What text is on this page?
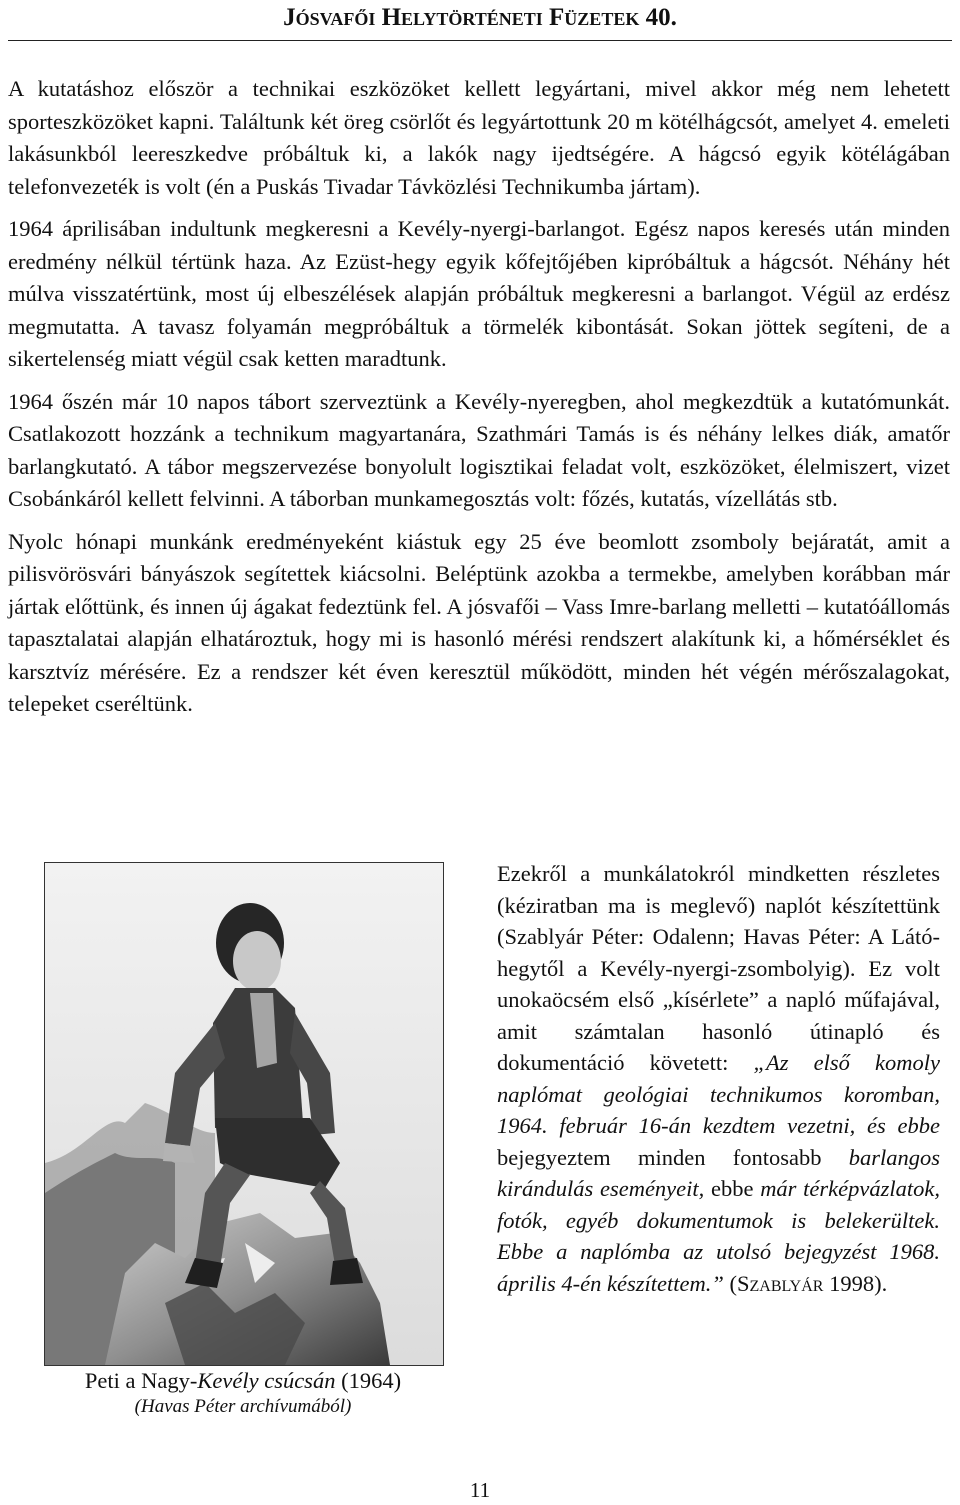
Jósvafői Helytörténeti Füzetek 40.

A kutatáshoz először a technikai eszközöket kellett legyártani, mivel akkor még nem lehetett sporteszközöket kapni. Találtunk két öreg csörlőt és legyártottunk 20 m kötélhágcsót, amelyet 4. emeleti lakásunkból leereszkedve próbáltuk ki, a lakók nagy ijedtségére. A hágcsó egyik kötélágában telefonvezeték is volt (én a Puskás Tivadar Távközlési Technikumba jártam).

1964 áprilisában indultunk megkeresni a Kevély-nyergi-barlangot. Egész napos keresés után minden eredmény nélkül tértünk haza. Az Ezüst-hegy egyik kőfejtőjében kipróbáltuk a hágcsót. Néhány hét múlva visszatértünk, most új elbeszélések alapján próbáltuk megkeresni a barlangot. Végül az erdész megmutatta. A tavasz folyamán megpróbáltuk a törmelék kibontását. Sokan jöttek segíteni, de a sikertelenség miatt végül csak ketten maradtunk.

1964 őszén már 10 napos tábort szerveztünk a Kevély-nyeregben, ahol megkezdtük a kutatómunkát. Csatlakozott hozzánk a technikum magyartanára, Szathmári Tamás is és néhány lelkes diák, amatőr barlangkutató. A tábor megszervezése bonyolult logisztikai feladat volt, eszközöket, élelmiszert, vizet Csobánkáról kellett felvinni. A táborban munkamegosztás volt: főzés, kutatás, vízellátás stb.

Nyolc hónapi munkánk eredményeként kiástuk egy 25 éve beomlott zsomboly bejáratát, amit a pilisvörösvári bányászok segítettek kiácsolni. Beléptünk azokba a termekbe, amelyben korábban már jártak előttünk, és innen új ágakat fedeztünk fel. A jósvafői – Vass Imre-barlang melletti – kutatóállomás tapasztalatai alapján elhatároztuk, hogy mi is hasonló mérési rendszert alakítunk ki, a hőmérséklet és karsztvíz mérésére. Ez a rendszer két éven keresztül működött, minden hét végén mérőszalagokat, telepeket cseréltünk.

Peti a Nagy-Kevély csúcsán (1964)
(Havas Péter archívumából)

Ezekről a munkálatokról mindketten részletes (kéziratban ma is meglevő) naplót készítettünk (Szablyár Péter: Odalenn; Havas Péter: A Látó-hegytől a Kevély-nyergi-zsombolyig). Ez volt unokaöcsém első „kísérlete” a napló műfajával, amit számtalan hasonló útinapló és dokumentáció követett: „Az első komoly naplómat geológiai technikumos koromban, 1964. február 16-án kezdtem vezetni, és ebbe bejegyeztem minden fontosabb barlangos kirándulás eseményeit, ebbe már térképvázlatok, fotók, egyéb dokumentumok is belekerültek. Ebbe a naplómba az utolsó bejegyzést 1968. április 4-én készítettem.” (Szablyár 1998).

11
